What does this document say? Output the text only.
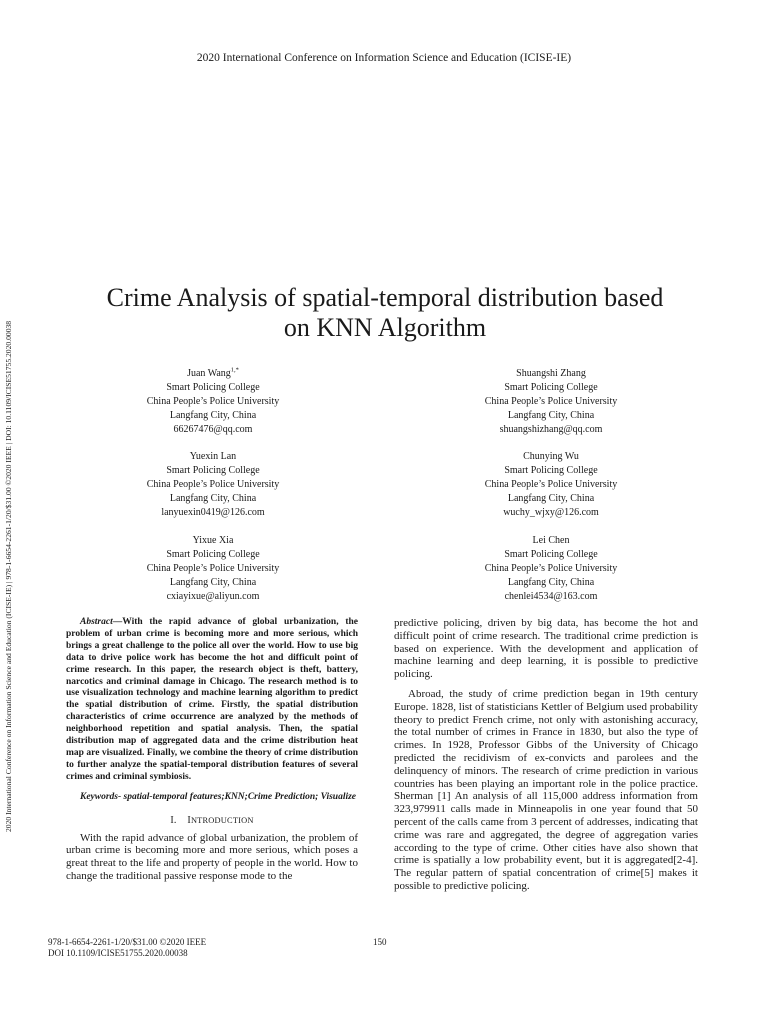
2020 International Conference on Information Science and Education (ICISE-IE)
2020 International Conference on Information Science and Education (ICISE-IE) | 978-1-6654-2261-1/20/$31.00 ©2020 IEEE | DOI: 10.1109/ICISE51755.2020.00038
Crime Analysis of spatial-temporal distribution based
on KNN Algorithm
Juan Wang$^{1,*}$
Smart Policing College
China People’s Police University
Langfang City, China
66267476@qq.com
Shuangshi Zhang
Smart Policing College
China People’s Police University
Langfang City, China
shuangshizhang@qq.com
Yuexin Lan
Smart Policing College
China People’s Police University
Langfang City, China
lanyuexin0419@126.com
Chunying Wu
Smart Policing College
China People’s Police University
Langfang City, China
wuchy_wjxy@126.com
Yixue Xia
Smart Policing College
China People’s Police University
Langfang City, China
cxiayixue@aliyun.com
Lei Chen
Smart Policing College
China People’s Police University
Langfang City, China
chenlei4534@163.com

Abstract—With the rapid advance of global urbanization, the problem of urban crime is becoming more and more serious, which brings a great challenge to the police all over the world. How to use big data to drive police work has become the hot and difficult point of crime research. In this paper, the research object is theft, battery, narcotics and criminal damage in Chicago. The research method is to use visualization technology and machine learning algorithm to predict the spatial distribution of crime. Firstly, the spatial distribution characteristics of crime occurrence are analyzed by the methods of neighborhood repetition and spatial analysis. Then, the spatial distribution map of aggregated data and the crime distribution heat map are visualized. Finally, we combine the theory of crime distribution to further analyze the spatial-temporal distribution features of several crimes and criminal symbiosis.

Keywords- spatial-temporal features;KNN;Crime Prediction; Visualize

I. INTRODUCTION

With the rapid advance of global urbanization, the problem of urban crime is becoming more and more serious, which poses a great threat to the life and property of people in the world. How to change the traditional passive response mode to the

predictive policing, driven by big data, has become the hot and difficult point of crime research. The traditional crime prediction is based on experience. With the development and application of machine learning and deep learning, it is possible to predictive policing.

Abroad, the study of crime prediction began in 19th century Europe. 1828, list of statisticians Kettler of Belgium used probability theory to predict French crime, not only with astonishing accuracy, the total number of crimes in France in 1830, but also the type of crimes. In 1928, Professor Gibbs of the University of Chicago predicted the recidivism of ex-convicts and parolees and the delinquency of minors. The research of crime prediction in various countries has been playing an important role in the police practice. Sherman [1] An analysis of all 115,000 address information from 323,979911 calls made in Minneapolis in one year found that 50 percent of the calls came from 3 percent of addresses, indicating that crime was rare and aggregated, the degree of aggregation varies according to the type of crime. Other cities have also shown that crime is spatially a low probability event, but it is aggregated[2-4]. The regular pattern of spatial concentration of crime[5] makes it possible to predictive policing.

978-1-6654-2261-1/20/$31.00 ©2020 IEEE
DOI 10.1109/ICISE51755.2020.00038
150
